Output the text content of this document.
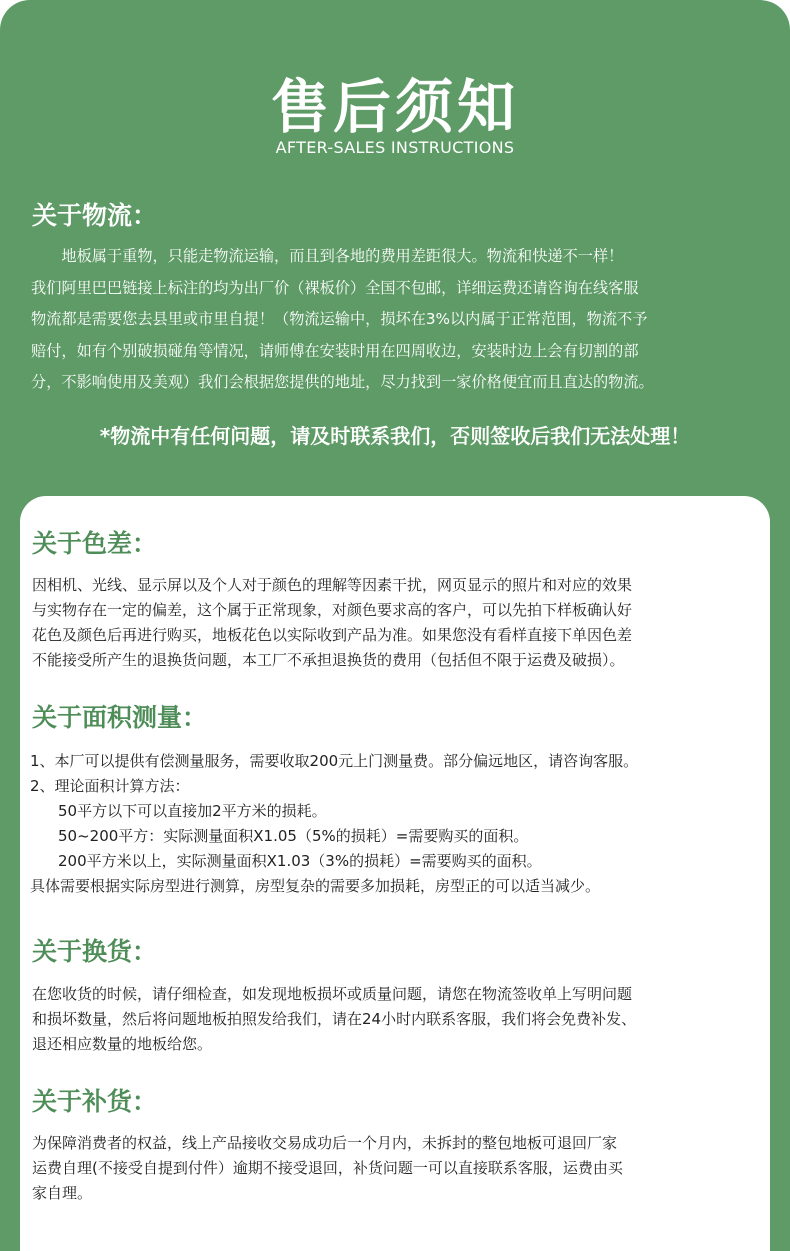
售后须知
AFTER-SALES INSTRUCTIONS
关于物流：

地板属于重物，只能走物流运输，而且到各地的费用差距很大。物流和快递不一样！

我们阿里巴巴链接上标注的均为出厂价（裸板价）全国不包邮，详细运费还请咨询在线客服

物流都是需要您去县里或市里自提！（物流运输中，损坏在3%以内属于正常范围，物流不予

赔付，如有个别破损碰角等情况，请师傅在安装时用在四周收边，安装时边上会有切割的部

分，不影响使用及美观）我们会根据您提供的地址，尽力找到一家价格便宜而且直达的物流。

*物流中有任何问题，请及时联系我们，否则签收后我们无法处理！
关于色差：

因相机、光线、显示屏以及个人对于颜色的理解等因素干扰，网页显示的照片和对应的效果

与实物存在一定的偏差，这个属于正常现象，对颜色要求高的客户，可以先拍下样板确认好

花色及颜色后再进行购买，地板花色以实际收到产品为准。如果您没有看样直接下单因色差

不能接受所产生的退换货问题，本工厂不承担退换货的费用（包括但不限于运费及破损）。

关于面积测量：

1、本厂可以提供有偿测量服务，需要收取200元上门测量费。部分偏远地区，请咨询客服。

2、理论面积计算方法：

50平方以下可以直接加2平方米的损耗。

50~200平方：实际测量面积X1.05（5%的损耗）=需要购买的面积。

200平方米以上，实际测量面积X1.03（3%的损耗）=需要购买的面积。

具体需要根据实际房型进行测算，房型复杂的需要多加损耗，房型正的可以适当减少。

关于换货：

在您收货的时候，请仔细检查，如发现地板损坏或质量问题，请您在物流签收单上写明问题

和损坏数量，然后将问题地板拍照发给我们，请在24小时内联系客服，我们将会免费补发、

退还相应数量的地板给您。

关于补货：

为保障消费者的权益，线上产品接收交易成功后一个月内，未拆封的整包地板可退回厂家

运费自理(不接受自提到付件）逾期不接受退回，补货问题一可以直接联系客服，运费由买

家自理。
